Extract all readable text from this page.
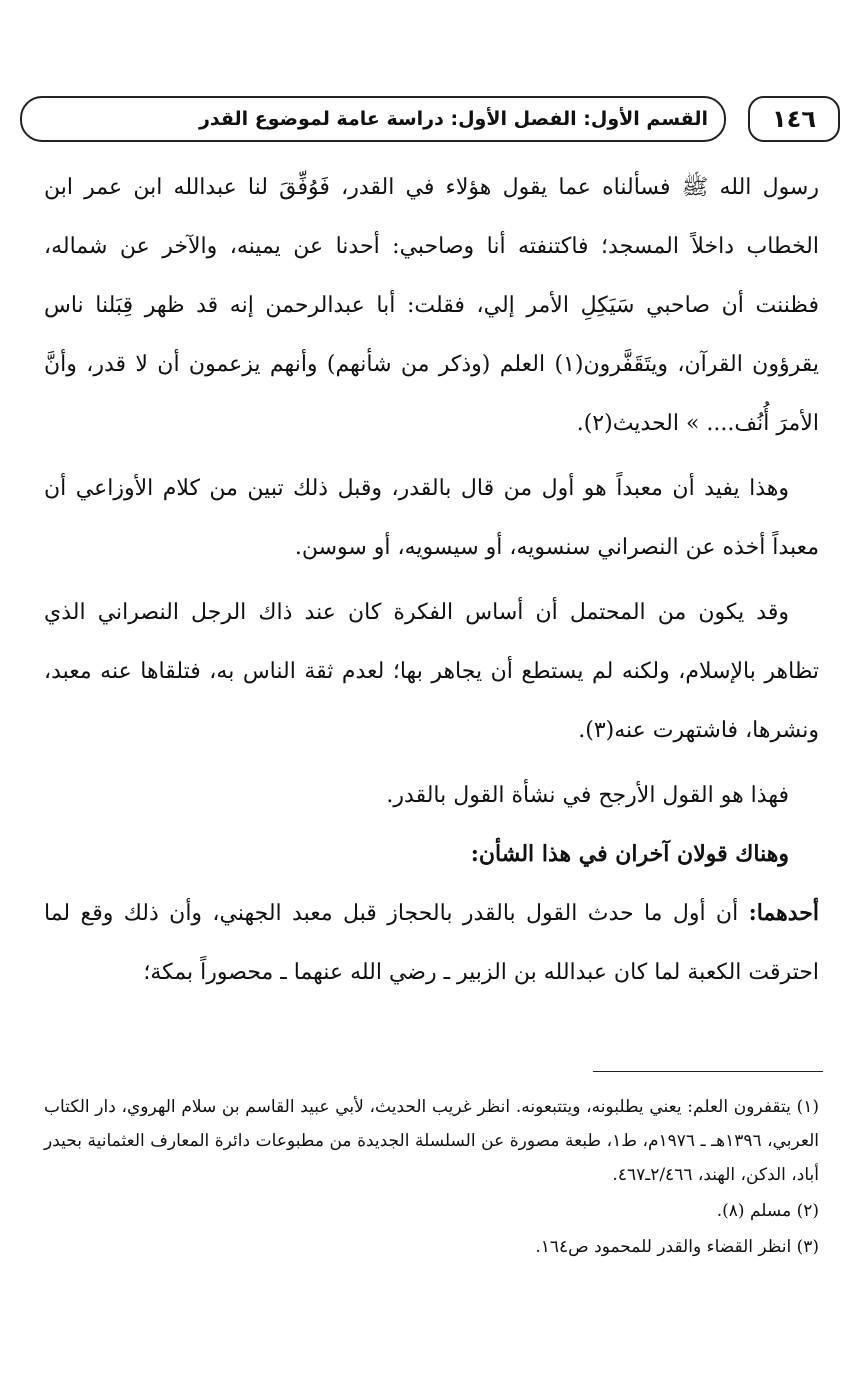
القسم الأول: الفصل الأول: دراسة عامة لموضوع القدر	١٤٦

رسول الله ﷺ فسألناه عما يقول هؤلاء في القدر، فَوُفِّقَ لنا عبدالله ابن عمر ابن الخطاب داخلاً المسجد؛ فاكتنفته أنا وصاحبي: أحدنا عن يمينه، والآخر عن شماله، فظننت أن صاحبي سَيَكِلِ الأمر إلي، فقلت: أبا عبدالرحمن إنه قد ظهر قِبَلنا ناس يقرؤون القرآن، ويتَقَفَّرون(١) العلم (وذكر من شأنهم) وأنهم يزعمون أن لا قدر، وأنَّ الأمرَ أُنُف.... » الحديث(٢).

وهذا يفيد أن معبداً هو أول من قال بالقدر، وقبل ذلك تبين من كلام الأوزاعي أن معبداً أخذه عن النصراني سنسويه، أو سيسويه، أو سوسن.

وقد يكون من المحتمل أن أساس الفكرة كان عند ذاك الرجل النصراني الذي تظاهر بالإسلام، ولكنه لم يستطع أن يجاهر بها؛ لعدم ثقة الناس به، فتلقاها عنه معبد، ونشرها، فاشتهرت عنه(٣).

فهذا هو القول الأرجح في نشأة القول بالقدر.

وهناك قولان آخران في هذا الشأن:

أحدهما: أن أول ما حدث القول بالقدر بالحجاز قبل معبد الجهني، وأن ذلك وقع لما احترقت الكعبة لما كان عبدالله بن الزبير ـ رضي الله عنهما ـ محصوراً بمكة؛

(١) يتقفرون العلم: يعني يطلبونه، ويتتبعونه. انظر غريب الحديث، لأبي عبيد القاسم بن سلام الهروي، دار الكتاب العربي، ١٣٩٦هـ ـ ١٩٧٦م، ط١، طبعة مصورة عن السلسلة الجديدة من مطبوعات دائرة المعارف العثمانية بحيدر أباد، الدكن، الهند، ٢/٤٦٦ـ٤٦٧.

(٢) مسلم (٨).

(٣) انظر القضاء والقدر للمحمود ص١٦٤.
